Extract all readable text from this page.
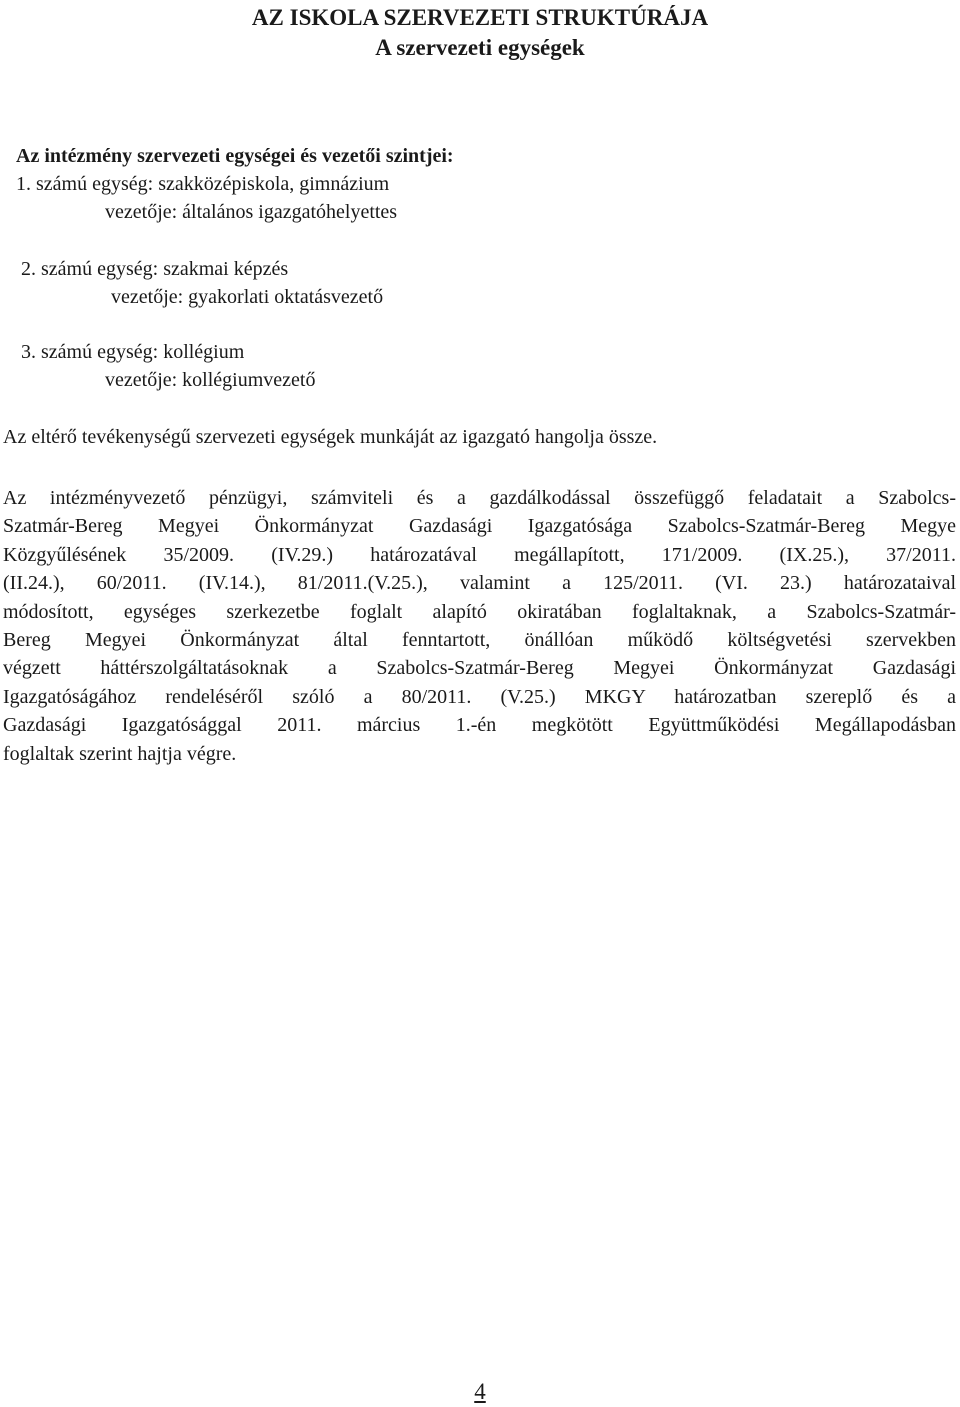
AZ ISKOLA SZERVEZETI STRUKTÚRÁJA
A szervezeti egységek
Az intézmény szervezeti egységei és vezetői szintjei:
1. számú egység: szakközépiskola, gimnázium
vezetője: általános igazgatóhelyettes
2. számú egység: szakmai képzés
vezetője: gyakorlati oktatásvezető
3. számú egység: kollégium
vezetője: kollégiumvezető
Az eltérő tevékenységű szervezeti egységek munkáját az igazgató hangolja össze.
Az intézményvezető pénzügyi, számviteli és a gazdálkodással összefüggő feladatait a Szabolcs-
Szatmár-Bereg Megyei Önkormányzat Gazdasági Igazgatósága Szabolcs-Szatmár-Bereg Megye
Közgyűlésének 35/2009. (IV.29.) határozatával megállapított, 171/2009. (IX.25.), 37/2011.
(II.24.), 60/2011. (IV.14.), 81/2011.(V.25.), valamint a 125/2011. (VI. 23.) határozataival
módosított, egységes szerkezetbe foglalt alapító okiratában foglaltaknak, a Szabolcs-Szatmár-
Bereg Megyei Önkormányzat által fenntartott, önállóan működő költségvetési szervekben
végzett háttérszolgáltatásoknak a Szabolcs-Szatmár-Bereg Megyei Önkormányzat Gazdasági
Igazgatóságához rendeléséről szóló a 80/2011. (V.25.) MKGY határozatban szereplő és a
Gazdasági Igazgatósággal 2011. március 1.-én megkötött Együttműködési Megállapodásban
foglaltak szerint hajtja végre.
4
